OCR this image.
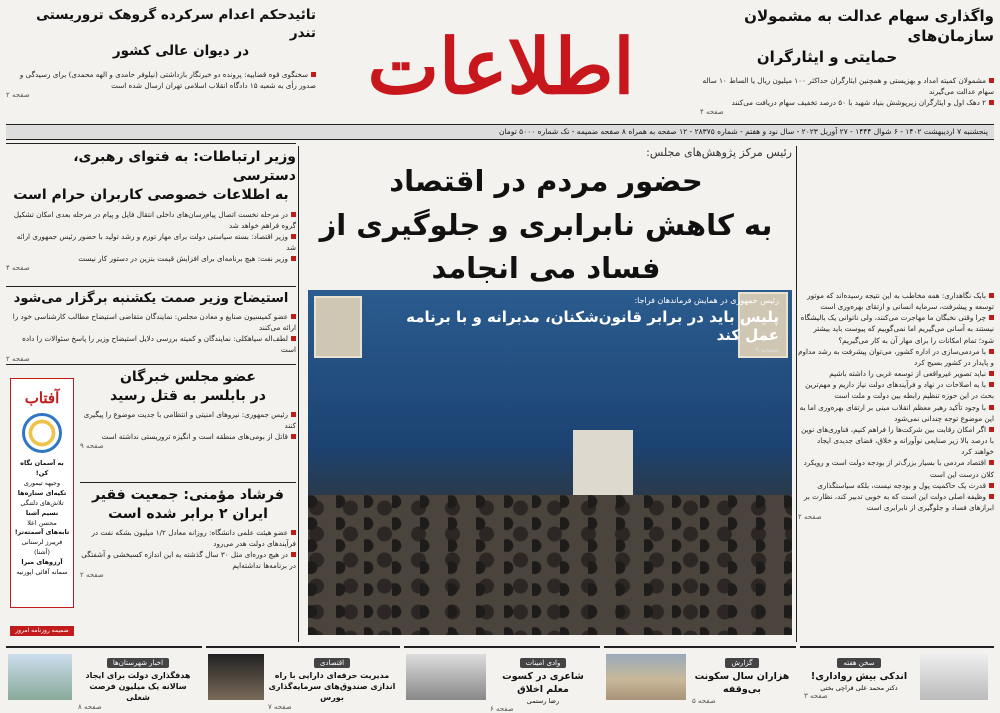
اطلاعات
واگذاری سهام عدالت به مشمولان سازمان‌های
حمایتی و ایثارگران
مشمولان کمیته امداد و بهزیستی و همچنین ایثارگران حداکثر ۱۰۰ میلیون ریال یا الساط ۱۰ ساله سهام عدالت می‌گیرند
۲ دهک اول و ایثارگران زیرپوشش بنیاد شهید با ۵۰ درصد تخفیف سهام دریافت می‌کنند
صفحه ۴
تائیدحکم اعدام سرکرده گروهک تروریستی تندر
در دیوان عالی کشور
سخنگوی قوه قضاییه: پرونده دو خبرنگار بازداشتی (نیلوفر حامدی و الهه محمدی) برای رسیدگی و صدور رأی به شعبه ۱۵ دادگاه انقلاب اسلامی تهران ارسال شده است
صفحه ۲
پنجشنبه ۷ اردیبهشت ۱۴۰۲ - ۶ شوال ۱۴۴۴ - ۲۷ آوریل ۲۰۲۳ - سال نود و هفتم - شماره ۲۸۳۷۵ - ۱۲ صفحه به همراه ۸ صفحه ضمیمه - تک شماره ۵۰۰۰ تومان
رئیس مرکز پژوهش‌های مجلس:
حضور مردم در اقتصاد
به کاهش نابرابری و جلوگیری از فساد می انجامد
رئیس جمهوری در همایش فرماندهان فراجا:
پلیس باید در برابر قانون‌شکنان، مدبرانه و با برنامه عمل کند
صفحه ۹
وزیر ارتباطات: به فتوای رهبری، دسترسی
به اطلاعات خصوصی کاربران حرام است
در مرحله نخست اتصال پیام‌رسان‌های داخلی انتقال فایل و پیام در مرحله بعدی امکان تشکیل گروه فراهم خواهد شد
وزیر اقتصاد: بسته سیاستی دولت برای مهار تورم و رشد تولید با حضور رئیس جمهوری ارائه شد
وزیر نفت: هیچ برنامه‌ای برای افزایش قیمت بنزین در دستور کار نیست
صفحه ۴
استیضاح وزیر صمت یکشنبه برگزار می‌شود
عضو کمیسیون صنایع و معادن مجلس: نمایندگان متقاضی استیضاح مطالب کارشناسی خود را ارائه می‌کنند
لطف‌اله سیاهکلی: نمایندگان و کمیته بررسی دلایل استیضاح وزیر را پاسخ سئوالات را داده است
صفحه ۲
آفتاب
به آسمان نگاه کن!
وجیهه تیموری
تکیه‌ای ستاره‌ها
تلاش‌های دلتنگی
نسیم آشنا
محسن اعلا
تابه‌های آسمته‌تر!
فریبرز لرستانی (آشنا)
آرزوهای مبرا
سمانه آقائی اپورنیه
ضمیمه روزنامه امروز
عضو مجلس خبرگان
در بابلسر به قتل رسید
رئیس جمهوری: نیروهای امنیتی و انتظامی با جدیت موضوع را پیگیری کنند
قاتل از بومی‌های منطقه است و انگیزه تروریستی نداشته است
صفحه ۹
فرشاد مؤمنی: جمعیت فقیر
ایران ۲ برابر شده است
عضو هیئت علمی دانشگاه: روزانه معادل ۱/۲ میلیون بشکه نفت در فرآیندهای دولت هدر می‌رود
در هیچ دوره‌ای مثل ۳۰ سال گذشته به این اندازه کسبخشی و آشفتگی در برنامه‌ها نداشته‌ایم
صفحه ۲
بابک نگاهداری: همه مخاطب به این نتیجه رسیده‌اند که موتور توسعه و پیشرفت، سرمایه انسانی و ارتقای بهره‌وری است
چرا وقتی نخبگان ما مهاجرت می‌کنند، ولی ناتوانی یک بالیشگاه نیستند به آسانی می‌گیریم اما نمی‌گوییم که پیوست باید بیشتر شود؛ تمام امکانات را برای مهار آن به کار می‌گیریم؟
با مردمی‌سازی در اداره کشور، می‌توان پیشرفت به رشد مداوم و پایدار در کشور بسیج کرد
نباید تصویر غیرواقعی از توسعه غربی را داشته باشیم
با به اصلاحات در نهاد و فرآیندهای دولت نیاز داریم و مهم‌ترین بحث در این حوزه تنظیم رابطه بین دولت و ملت است
با وجود تأکید رهبر معظم انقلاب مبنی بر ارتقای بهره‌وری اما به این موضوع توجه چندانی نمی‌شود
اگر امکان رقابت بین شرکت‌ها را فراهم کنیم، فناوری‌های نوین با درصد بالا زیر صنایعی نوآورانه و خلاق، فضای جدیدی ایجاد خواهند کرد
اقتصاد مردمی با بسیار بزرگ‌تر از بودجه دولت است و رویکرد کلان درست این است
قدرت یک حاکمیت پول و بودجه نیست، بلکه سیاستگذاری
وظیفه اصلی دولت این است که به خوبی تدبیر کند، نظارت بر ابرازهای فساد و جلوگیری از نابرابری است
صفحه ۲
سخن هفته
اندکی بیش رواداری!
دکتر محمد علی قراچی بختی
صفحه ۳
گزارش
هزاران سال سکونت بی‌وقفه
صفحه ۵
وادی امینات
شاعری در کسوت معلم اخلاق
رضا رستمی
صفحه ۶
اقتصادی
مدیریت حرفه‌ای دارایی با راه اندازی صندوق‌های سرمایه‌گذاری بورس
صفحه ۷
اخبار شهرستان‌ها
هدفگذاری دولت برای ایجاد سالانه یک میلیون فرصت شغلی
صفحه ۸
